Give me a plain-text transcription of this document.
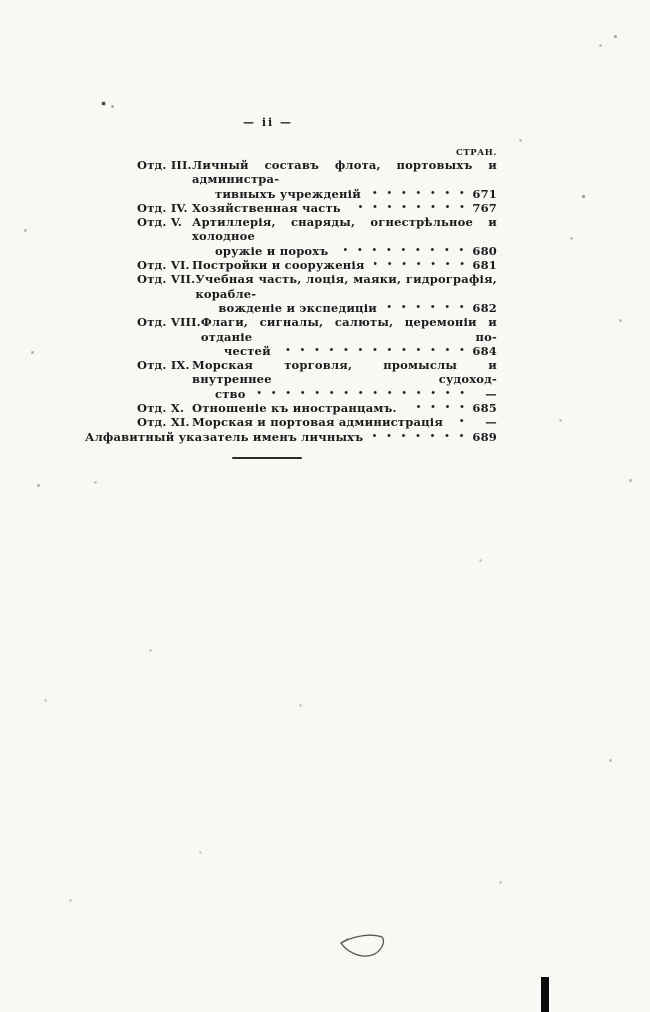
— ii —
СТРАН.
Отд. III. Личный составъ флота, портовыхъ и администра-
тивныхъ учрежденій	671
Отд. IV. Хозяйственная часть	767
Отд. V. Артиллерія, снаряды, огнестрѣльное и холодное
оружіе и порохъ	680
Отд. VI. Постройки и сооруженія	681
Отд. VII. Учебная часть, лоція, маяки, гидрографія, корабле-
вожденіе и экспедиціи	682
Отд. VIII. Флаги, сигналы, салюты, церемоніи и отданіе по-
честей	684
Отд. IX. Морская торговля, промыслы и внутреннее судоход-
ство	—
Отд. X. Отношеніе къ иностранцамъ.	685
Отд. XI. Морская и портовая администрація	—
Алфавитный указатель именъ личныхъ	689
